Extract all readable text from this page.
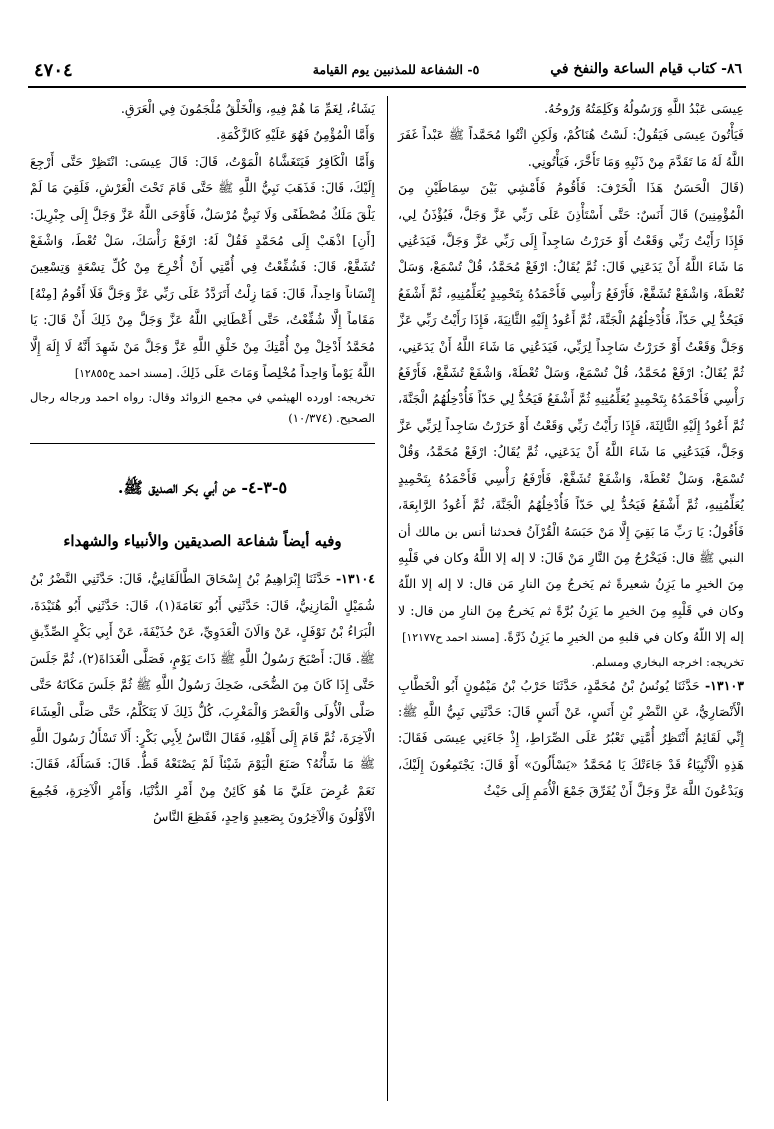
٤٧٠٤	٥- الشفاعة للمذنبين يوم القيامة	٨٦- كتاب قيام الساعة والنفخ في

عِيسَى عَبْدُ اللَّهِ وَرَسُولُهُ وَكَلِمَتُهُ وَرُوحُهُ.

فَيَأْتُونَ عِيسَى فَيَقُولُ: لَسْتُ هُنَاكُمْ، وَلَكِنِ ائْتُوا مُحَمَّداً ﷺ عَبْداً غَفَرَ اللَّهُ لَهُ مَا تَقَدَّمَ مِنْ ذَنْبِهِ وَمَا تَأَخَّرَ، فَيَأْتُونِي.

(قَالَ الْحَسَنُ هَذَا الْحَرْفَ: فَأَقُومُ فَأَمْشِي بَيْنَ سِمَاطَيْنِ مِنَ الْمُؤْمِنِينَ) قَالَ أَنَسٌ: حَتَّى أَسْتَأْذِنَ عَلَى رَبِّي عَزَّ وَجَلَّ، فَيُؤْذَنُ لِي، فَإِذَا رَأَيْتُ رَبِّي وَقَعْتُ أَوْ خَرَرْتُ سَاجِداً إِلَى رَبِّي عَزَّ وَجَلَّ، فَيَدَعُنِي مَا شَاءَ اللَّهُ أَنْ يَدَعَنِي قَالَ: ثُمَّ يُقَالُ: ارْفَعْ مُحَمَّدُ، قُلْ تُسْمَعْ، وَسَلْ تُعْطَهْ، وَاشْفَعْ تُشَفَّعْ، فَأَرْفَعُ رَأْسِي فَأَحْمَدُهُ بِتَحْمِيدٍ يُعَلِّمُنِيهِ، ثُمَّ أَشْفَعُ فَيَحُدُّ لِي حَدّاً، فَأُدْخِلُهُمُ الْجَنَّةَ، ثُمَّ أَعُودُ إِلَيْهِ الثَّانِيَةَ، فَإِذَا رَأَيْتُ رَبِّي عَزَّ وَجَلَّ وَقَعْتُ أَوْ خَرَرْتُ سَاجِداً لِرَبِّي، فَيَدَعُنِي مَا شَاءَ اللَّهُ أَنْ يَدَعَنِي، ثُمَّ يُقَالُ: ارْفَعْ مُحَمَّدُ، قُلْ تُسْمَعْ، وَسَلْ تُعْطَهْ، وَاشْفَعْ تُشَفَّعْ، فَأَرْفَعُ رَأْسِي فَأَحْمَدُهُ بِتَحْمِيدٍ يُعَلِّمُنِيهِ ثُمَّ أَشْفَعُ فَيَحُدُّ لِي حَدّاً فَأُدْخِلُهُمُ الْجَنَّةَ، ثُمَّ أَعُودُ إِلَيْهِ الثَّالِثَةَ، فَإِذَا رَأَيْتُ رَبِّي وَقَعْتُ أَوْ خَرَرْتُ سَاجِداً لِرَبِّي عَزَّ وَجَلَّ، فَيَدَعُنِي مَا شَاءَ اللَّهُ أَنْ يَدَعَنِي، ثُمَّ يُقَالُ: ارْفَعْ مُحَمَّدُ، وَقُلْ تُسْمَعْ، وَسَلْ تُعْطَهْ، وَاشْفَعْ تُشَفَّعْ، فَأَرْفَعُ رَأْسِي فَأَحْمَدُهُ بِتَحْمِيدٍ يُعَلِّمُنِيهِ، ثُمَّ أَشْفَعُ فَيَحُدُّ لِي حَدّاً فَأُدْخِلُهُمُ الْجَنَّةَ، ثُمَّ أَعُودُ الرَّابِعَةَ، فَأَقُولُ: يَا رَبِّ مَا بَقِيَ إِلَّا مَنْ حَبَسَهُ الْقُرْآنُ فحدثنا أنس بن مالك أن النبي ﷺ قال: فَيَخْرُجُ مِنَ النَّارِ مَنْ قَالَ: لا إله إلا اللَّهُ وكان في قَلْبِهِ مِنَ الخيرِ ما يَزِنُ شعيرةً ثم يَخرجُ مِنَ النارِ مَن قال: لا إله إلا اللّهُ وكان في قَلْبِهِ مِنَ الخيرِ ما يَزِنُ بُرَّةً ثم يَخرجُ مِنَ النارِ من قال: لا إله إلا اللّهُ وكان في قلبهِ من الخيرِ ما يَزِنُ ذَرَّةً. [مسند احمد ح١٢١٧٧]

تخريجه: اخرجه البخاري ومسلم.

١٣١٠٣- حَدَّثَنَا يُونُسُ بْنُ مُحَمَّدٍ، حَدَّثَنَا حَرْبُ بْنُ مَيْمُونٍ أَبُو الْخَطَّابِ الْأَنْصَارِيُّ، عَنِ النَّضْرِ بْنِ أَنَسٍ، عَنْ أَنَسٍ قَالَ: حَدَّثَنِي نَبِيُّ اللَّهِ ﷺ: إِنِّي لَقَائِمٌ أَنْتَظِرُ أُمَّتِي تَعْبُرُ عَلَى الصِّرَاطِ، إِذْ جَاءَنِي عِيسَى فَقَالَ: هَذِهِ الْأَنْبِيَاءُ قَدْ جَاءَتْكَ يَا مُحَمَّدُ «يَسْأَلُونَ» أَوْ قَالَ: يَجْتَمِعُونَ إِلَيْكَ، وَيَدْعُونَ اللَّهَ عَزَّ وَجَلَّ أَنْ يُفَرِّقَ جَمْعَ الْأُمَمِ إِلَى حَيْثُ

يَشَاءُ، لِغَمِّ مَا هُمْ فِيهِ، وَالْخَلْقُ مُلْجَمُونَ فِي الْعَرَقِ.

وَأَمَّا الْمُؤْمِنُ فَهُوَ عَلَيْهِ كَالزَّكْمَةِ.

وَأَمَّا الْكَافِرُ فَيَتَغَشَّاهُ الْمَوْتُ، قَالَ: قَالَ عِيسَى: انْتَظِرْ حَتَّى أَرْجِعَ إِلَيْكَ، قَالَ: فَذَهَبَ نَبِيُّ اللَّهِ ﷺ حَتَّى قَامَ تَحْتَ الْعَرْشِ، فَلَقِيَ مَا لَمْ يَلْقَ مَلَكٌ مُصْطَفًى وَلَا نَبِيٌّ مُرْسَلٌ، فَأَوْحَى اللَّهُ عَزَّ وَجَلَّ إِلَى جِبْرِيلَ: [أَنِ] اذْهَبْ إِلَى مُحَمَّدٍ فَقُلْ لَهُ: ارْفَعْ رَأْسَكَ، سَلْ تُعْطَ، وَاشْفَعْ تُشَفَّعْ، قَالَ: فَشُفِّعْتُ فِي أُمَّتِي أَنْ أُخْرِجَ مِنْ كُلِّ تِسْعَةٍ وَتِسْعِينَ إِنْسَاناً وَاحِداً، قَالَ: فَمَا زِلْتُ أَتَرَدَّدُ عَلَى رَبِّي عَزَّ وَجَلَّ فَلَا أَقُومُ [مِنْهُ] مَقَاماً إِلَّا شُفِّعْتُ، حَتَّى أَعْطَانِي اللَّهُ عَزَّ وَجَلَّ مِنْ ذَلِكَ أَنْ قَالَ: يَا مُحَمَّدُ أَدْخِلْ مِنْ أُمَّتِكَ مِنْ خَلْقِ اللَّهِ عَزَّ وَجَلَّ مَنْ شَهِدَ أَنَّهُ لَا إِلَهَ إِلَّا اللَّهُ يَوْماً وَاحِداً مُخْلِصاً وَمَاتَ عَلَى ذَلِكَ. [مسند احمد ح١٢٨٥٥]

تخريجه: اورده الهيثمي في مجمع الزوائد وقال: رواه احمد ورجاله رجال الصحيح. (١٠/٣٧٤)

٥-٣-٤- عن أبي بكر الصديق ﷺ.
وفيه أيضاً شفاعة الصديقين والأنبياء والشهداء

١٣١٠٤- حَدَّثَنَا إِبْرَاهِيمُ بْنُ إِسْحَاقَ الطَّالَقَانِيُّ، قَالَ: حَدَّثَنِي النَّضْرُ بْنُ شُمَيْلٍ الْمَازِنِيُّ، قَالَ: حَدَّثَنِي أَبُو نَعَامَةَ(١)، قَالَ: حَدَّثَنِي أَبُو هُنَيْدَةَ، الْبَرَاءُ بْنُ نَوْفَلٍ، عَنْ وَالَانَ الْعَدَوِيِّ، عَنْ حُذَيْفَةَ، عَنْ أَبِي بَكْرٍ الصِّدِّيقِ ﷺ. قَالَ: أَصْبَحَ رَسُولُ اللَّهِ ﷺ ذَاتَ يَوْمٍ، فَصَلَّى الْغَدَاةَ(٢)، ثُمَّ جَلَسَ حَتَّى إِذَا كَانَ مِنَ الضُّحَى، ضَحِكَ رَسُولُ اللَّهِ ﷺ ثُمَّ جَلَسَ مَكَانَهُ حَتَّى صَلَّى الْأُولَى وَالْعَصْرَ وَالْمَغْرِبَ، كُلُّ ذَلِكَ لَا يَتَكَلَّمُ، حَتَّى صَلَّى الْعِشَاءَ الْآخِرَةَ، ثُمَّ قَامَ إِلَى أَهْلِهِ، فَقَالَ النَّاسُ لِأَبِي بَكْرٍ: أَلَا تَسْأَلُ رَسُولَ اللَّهِ ﷺ مَا شَأْنُهُ؟ صَنَعَ الْيَوْمَ شَيْئاً لَمْ يَصْنَعْهُ قَطُّ. قَالَ: فَسَأَلَهُ، فَقَالَ: نَعَمْ عُرِضَ عَلَيَّ مَا هُوَ كَائِنٌ مِنْ أَمْرِ الدُّنْيَا، وَأَمْرِ الْآخِرَةِ، فَجُمِعَ الْأَوَّلُونَ وَالْآخِرُونَ بِصَعِيدٍ وَاحِدٍ، فَفَظِعَ النَّاسُ
